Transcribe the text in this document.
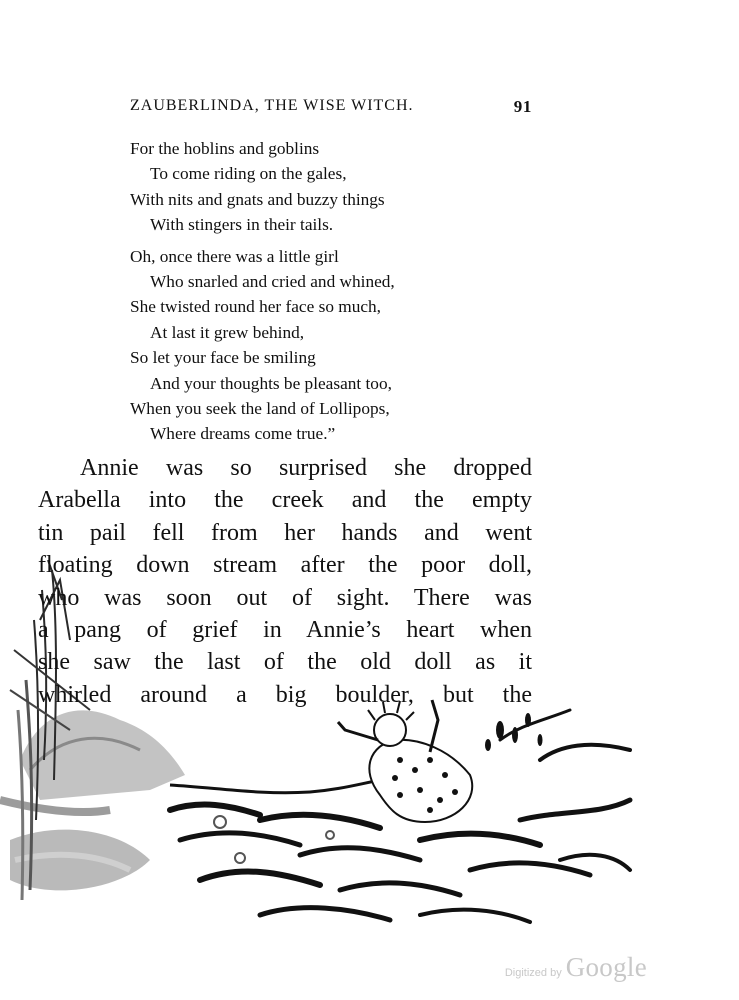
ZAUBERLINDA, THE WISE WITCH.	91

For the hoblins and goblins
To come riding on the gales,
With nits and gnats and buzzy things
With stingers in their tails.

Oh, once there was a little girl
Who snarled and cried and whined,
She twisted round her face so much,
At last it grew behind,
So let your face be smiling
And your thoughts be pleasant too,
When you seek the land of Lollipops,
Where dreams come true.”

Annie was so surprised she dropped
Arabella into the creek and the empty
tin pail fell from her hands and went
floating down stream after the poor doll,
who was soon out of sight. There was
a pang of grief in Annie’s heart when
she saw the last of the old doll as it
whirled around a big boulder, but the
Digitized by Google
